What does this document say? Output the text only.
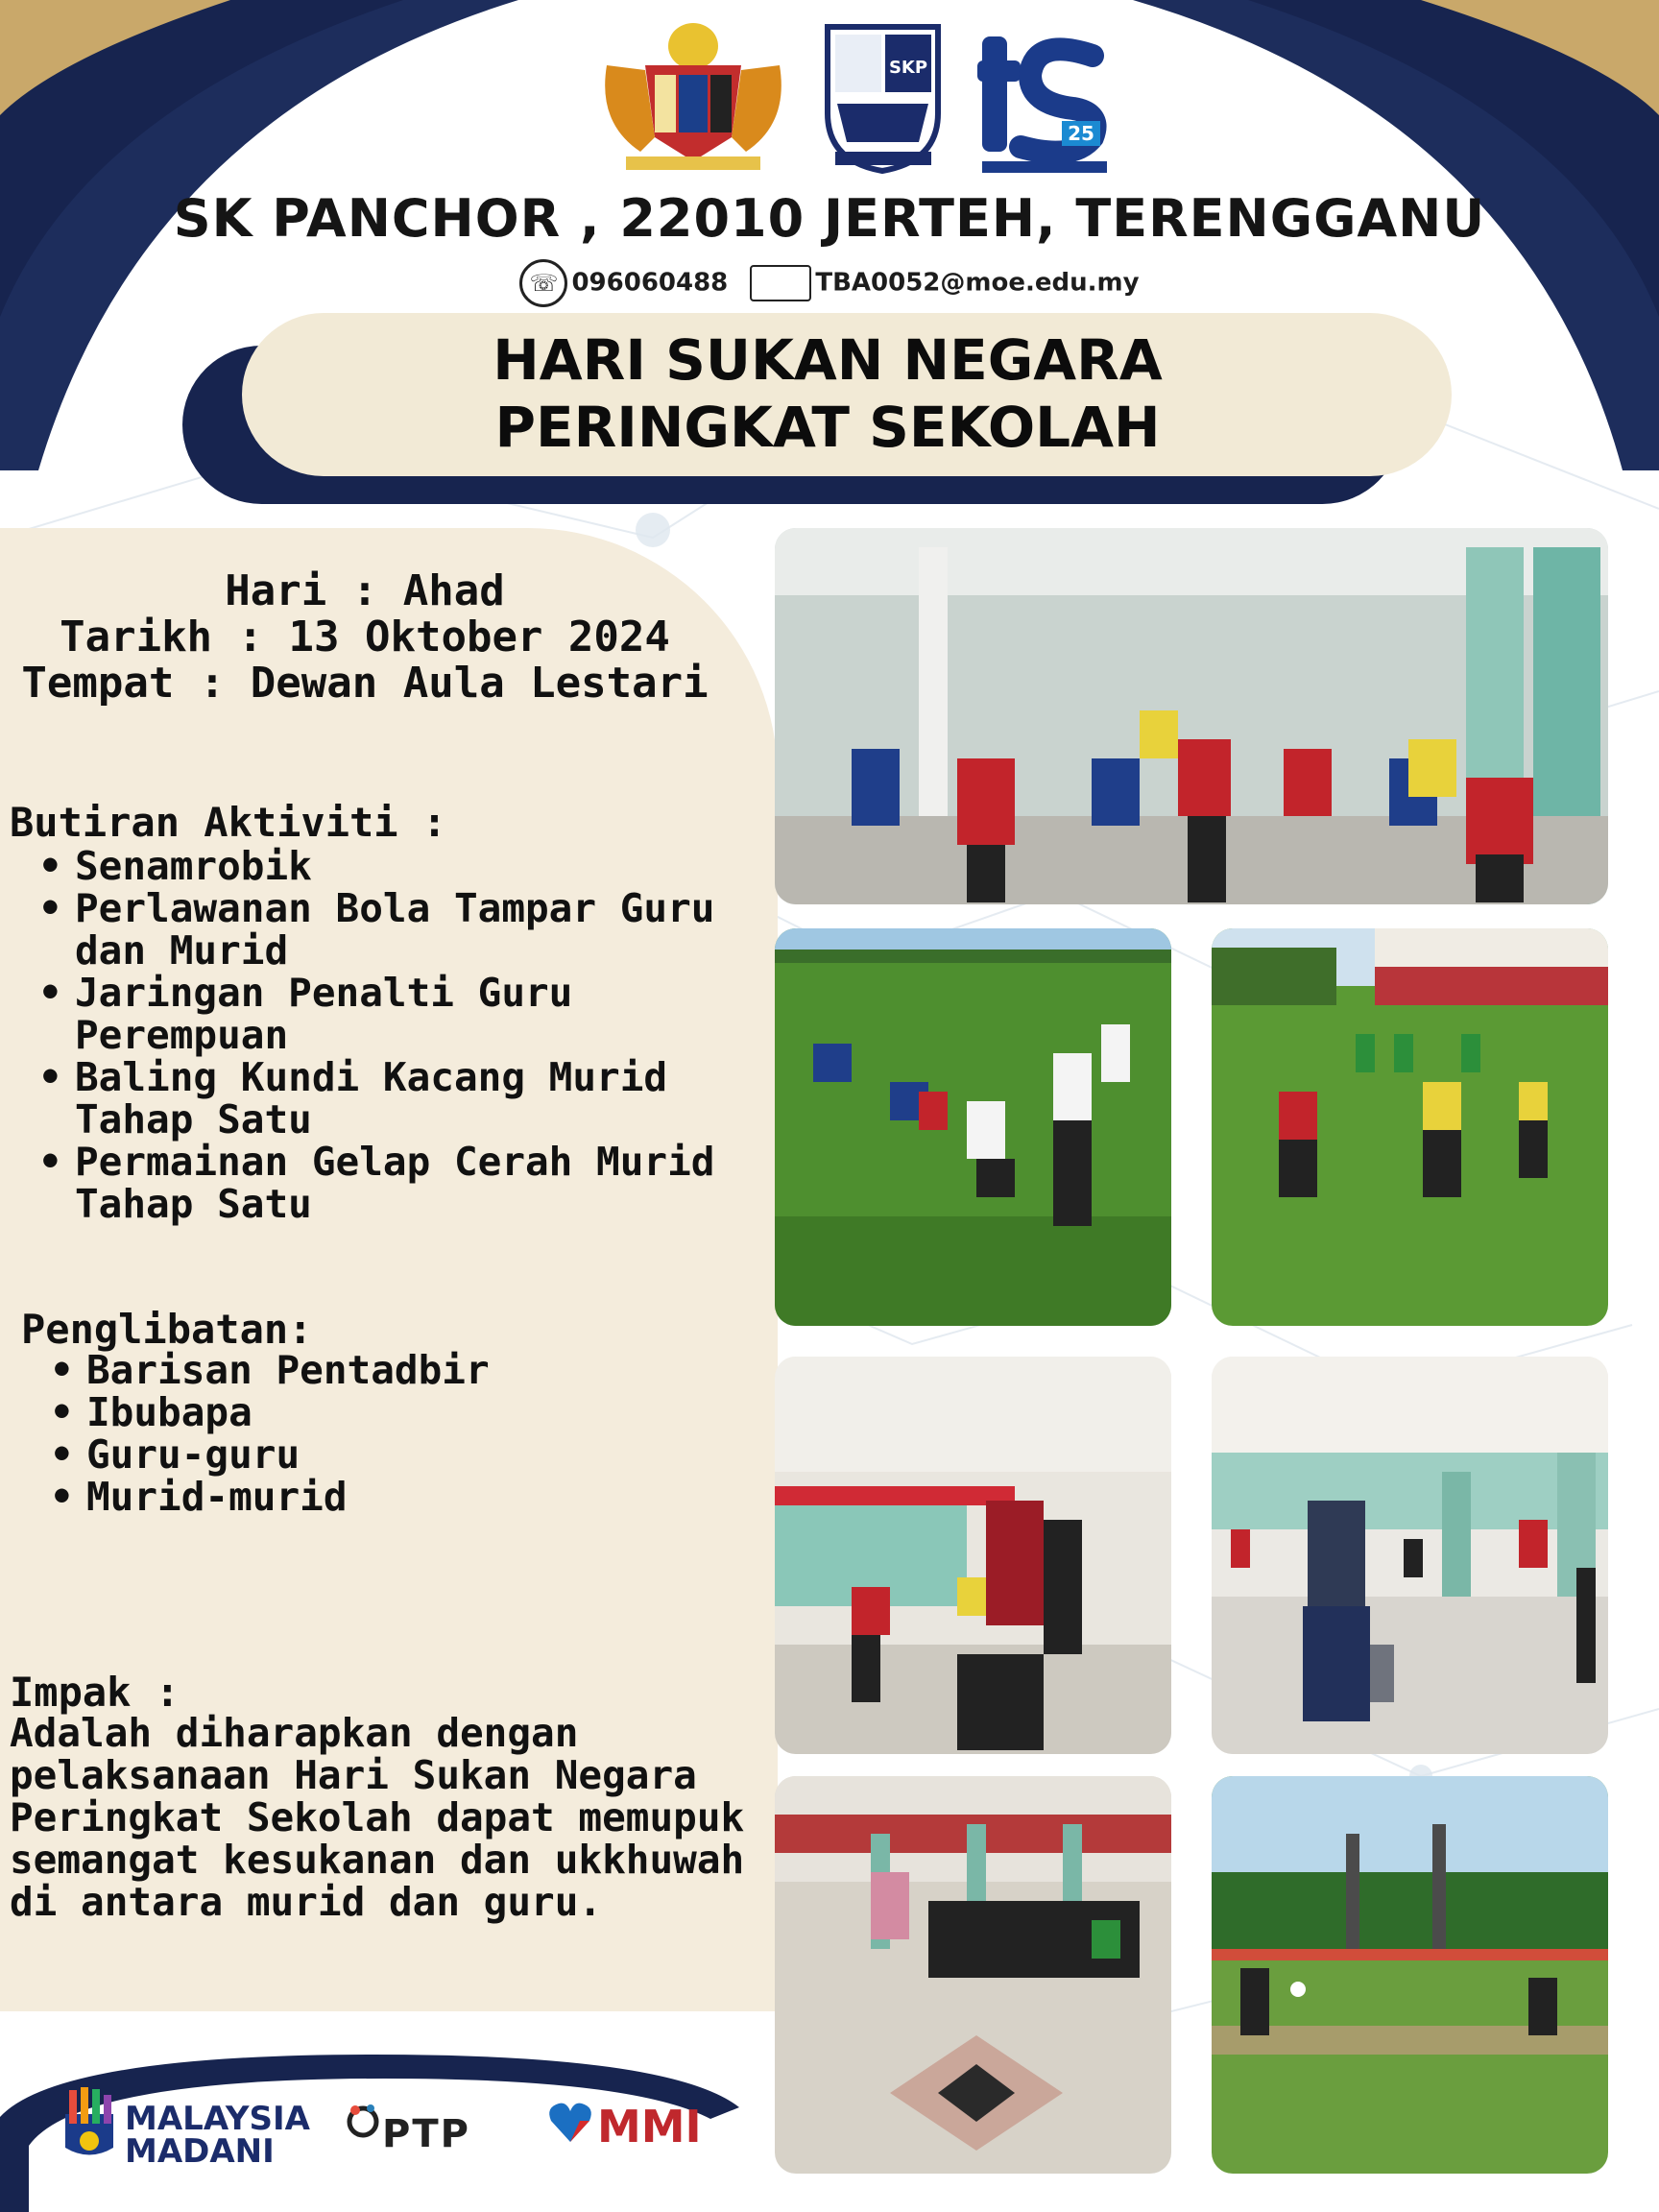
SKP
25
SK PANCHOR , 22010 JERTEH, TERENGGANU
☏ 096060488	TBA0052@moe.edu.my
HARI SUKAN NEGARA
PERINGKAT SEKOLAH
Hari : Ahad
Tarikh : 13 Oktober 2024
Tempat : Dewan Aula Lestari
Butiran Aktiviti :
• Senamrobik
• Perlawanan Bola Tampar Guru dan Murid
• Jaringan Penalti Guru Perempuan
• Baling Kundi Kacang Murid Tahap Satu
• Permainan Gelap Cerah Murid Tahap Satu
Penglibatan:
• Barisan Pentadbir
• Ibubapa
• Guru-guru
• Murid-murid
Impak :
Adalah diharapkan dengan pelaksanaan Hari Sukan Negara Peringkat Sekolah dapat memupuk semangat kesukanan dan ukkhuwah di antara murid dan guru.
MALAYSIA
MADANI	PTP	MMI
